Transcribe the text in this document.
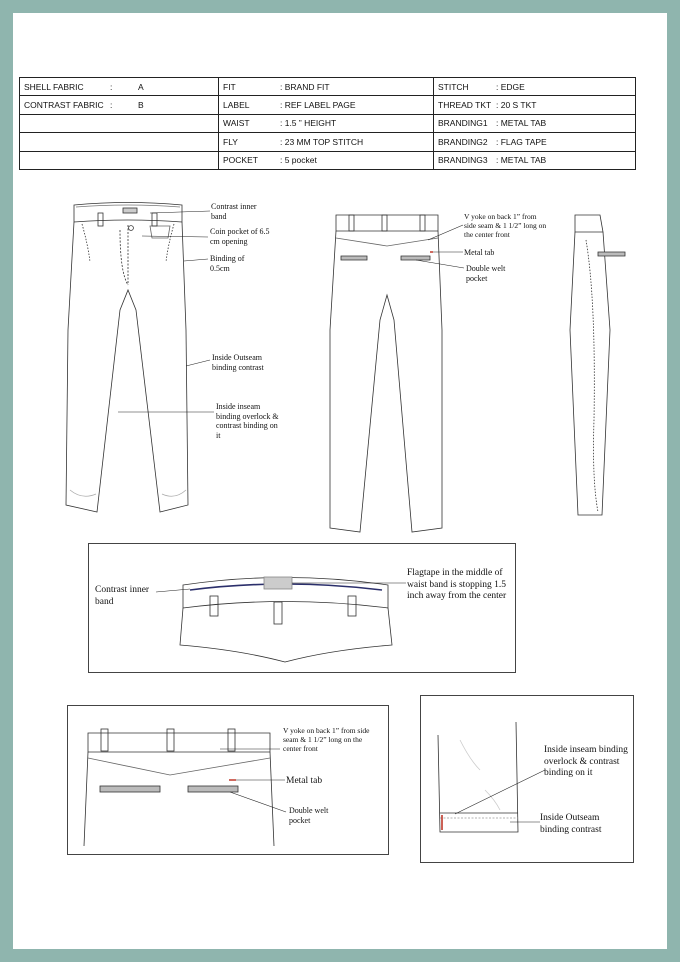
SHELL FABRIC : A	FIT : BRAND FIT	STITCH : EDGE
CONTRAST FABRIC : B	LABEL : REF LABEL PAGE	THREAD TKT : 20 S TKT
	WAIST : 1.5 ” HEIGHT	BRANDING1 : METAL TAB
	FLY : 23 MM TOP STITCH	BRANDING2 : FLAG TAPE
	POCKET : 5 pocket	BRANDING3 : METAL TAB
Contrast inner band
Coin pocket of 6.5 cm opening
Binding of 0.5cm
Inside Outseam binding contrast
Inside inseam binding overlock & contrast binding on it
V yoke on back 1” from side seam & 1 1/2” long on the center front
Metal tab
Double welt pocket
Contrast inner band
Flagtape in the middle of waist band is stopping 1.5 inch away from the center
V yoke on back 1” from side seam & 1 1/2” long on the center front
Metal tab
Double welt pocket
Inside inseam binding overlock & contrast binding on it
Inside Outseam binding contrast
